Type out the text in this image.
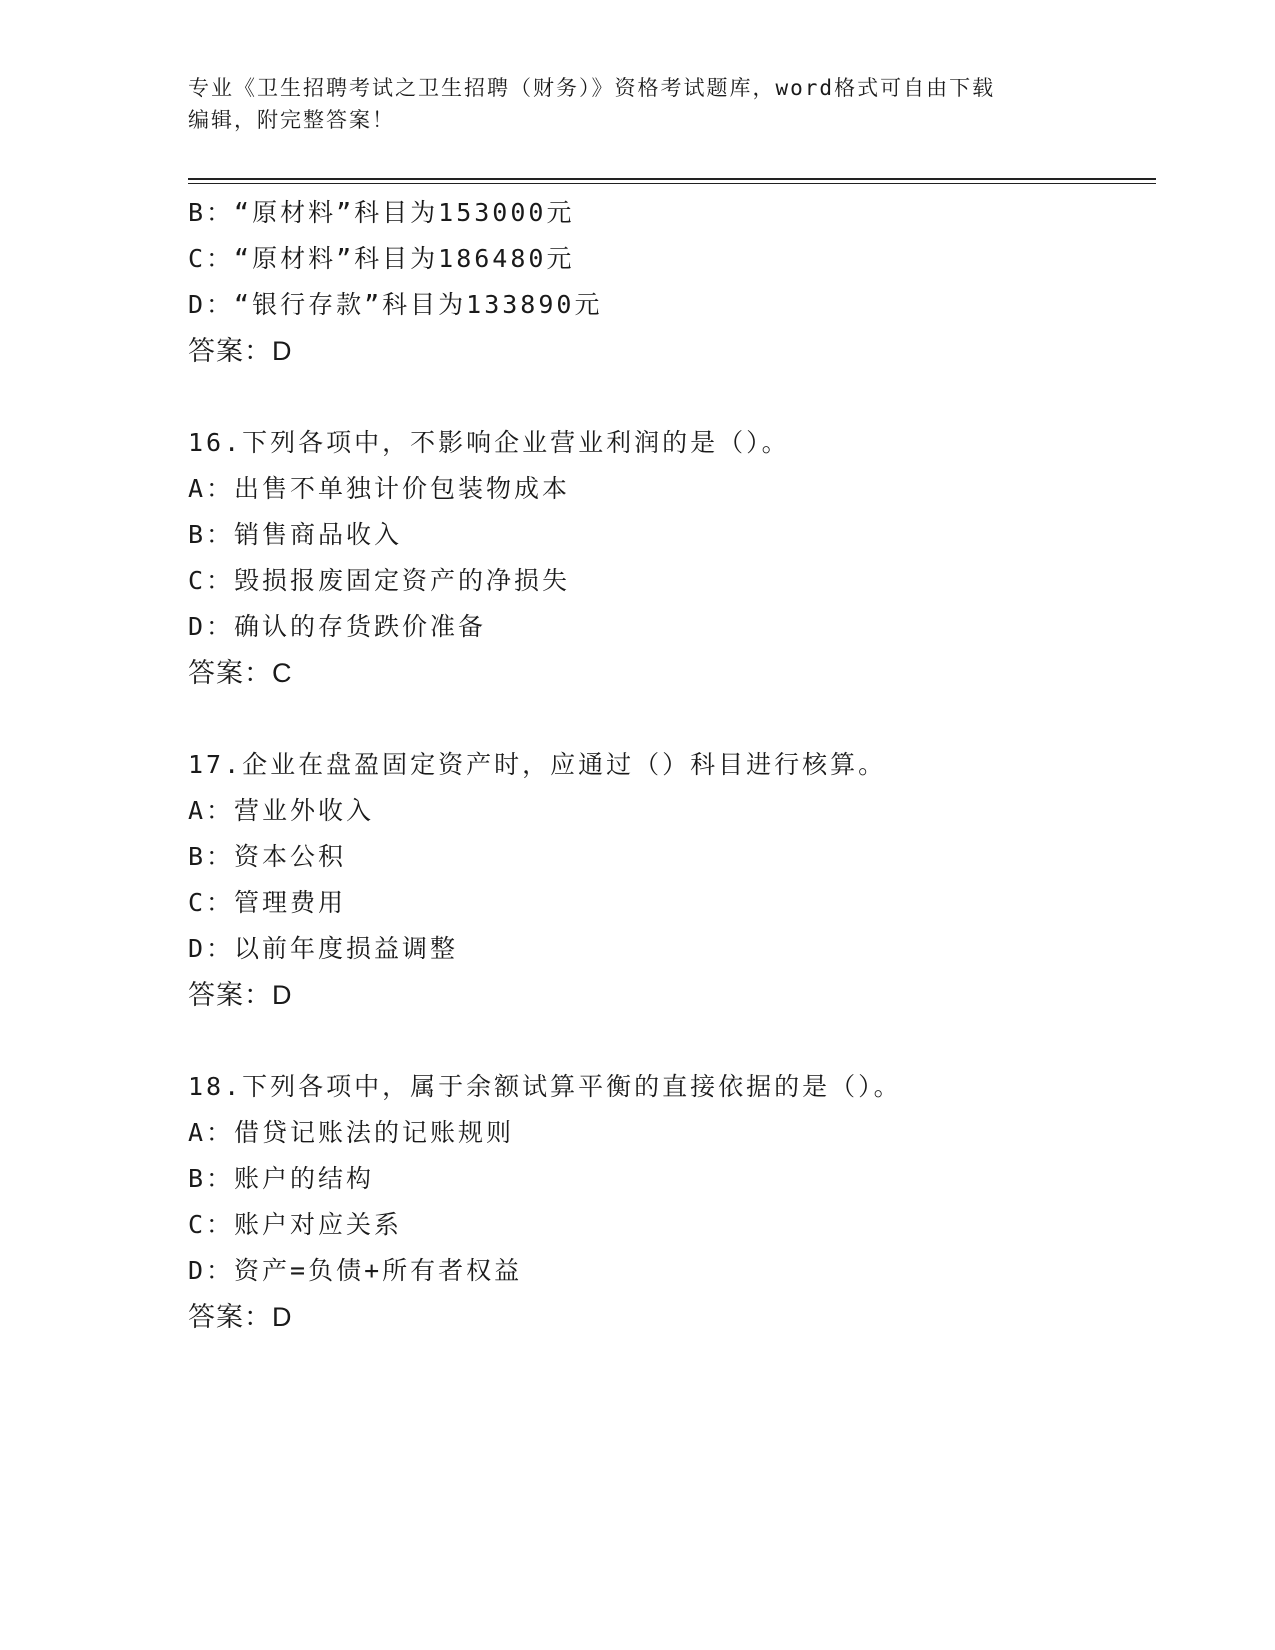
专业《卫生招聘考试之卫生招聘（财务）》资格考试题库，word格式可自由下载
编辑，附完整答案！
B：“原材料”科目为153000元
C：“原材料”科目为186480元
D：“银行存款”科目为133890元
答案：D
16.下列各项中，不影响企业营业利润的是（）。
A：出售不单独计价包装物成本
B：销售商品收入
C：毁损报废固定资产的净损失
D：确认的存货跌价准备
答案：C
17.企业在盘盈固定资产时，应通过（）科目进行核算。
A：营业外收入
B：资本公积
C：管理费用
D：以前年度损益调整
答案：D
18.下列各项中，属于余额试算平衡的直接依据的是（）。
A：借贷记账法的记账规则
B：账户的结构
C：账户对应关系
D：资产=负债+所有者权益
答案：D
